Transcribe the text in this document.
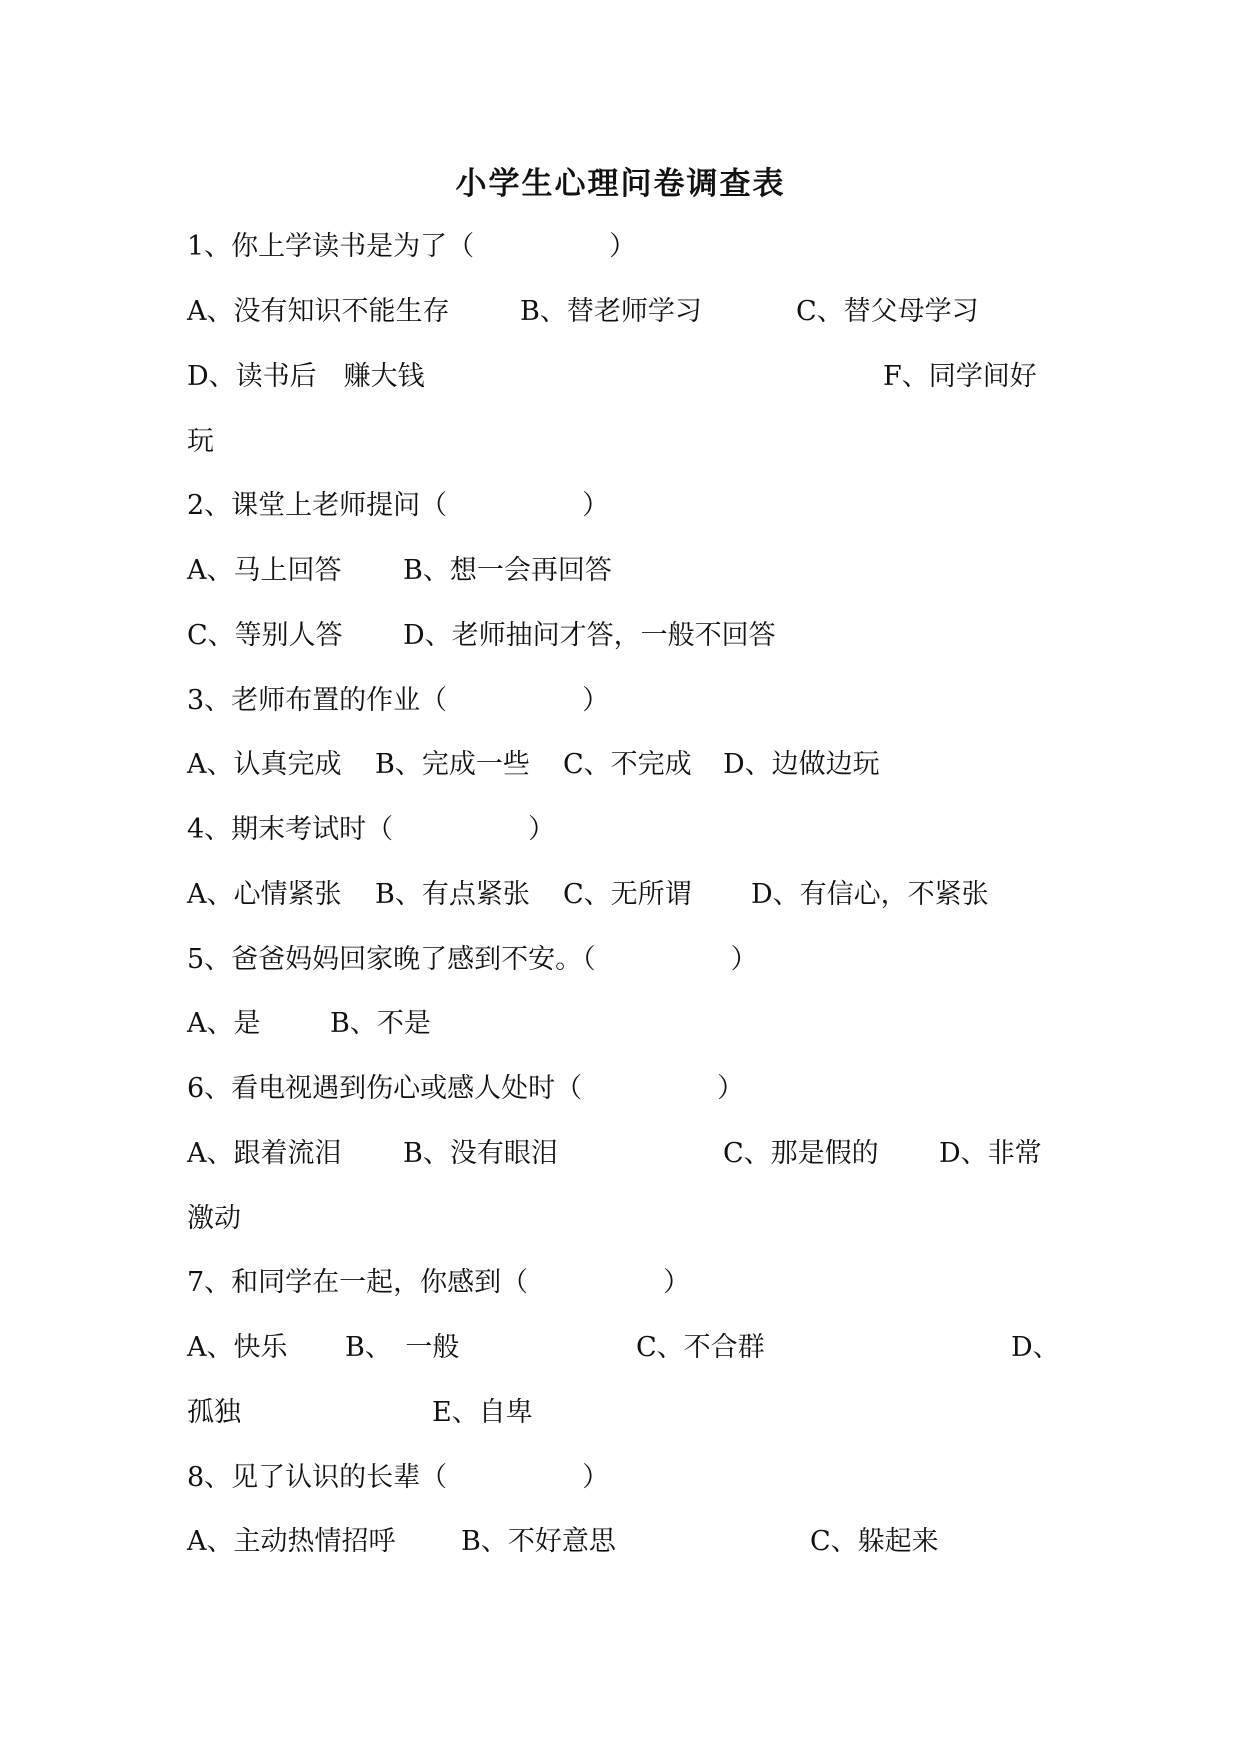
小学生心理问卷调查表
1、你上学读书是为了（　　　　　）
A、没有知识不能生存	B、替老师学习	C、替父母学习
D、读书后　赚大钱	F、同学间好
玩
2、课堂上老师提问（　　　　　）
A、马上回答 B、想一会再回答
C、等别人答 D、老师抽问才答，一般不回答
3、老师布置的作业（　　　　　）
A、认真完成 B、完成一些 C、不完成 D、边做边玩
4、期末考试时（　　　　　）
A、心情紧张 B、有点紧张 C、无所谓 D、有信心，不紧张
5、爸爸妈妈回家晚了感到不安。（　　　　　）
A、是	B、不是
6、看电视遇到伤心或感人处时（　　　　　）
A、跟着流泪 B、没有眼泪	C、那是假的 D、非常
激动
7、和同学在一起，你感到（　　　　　）
A、快乐 B、　一般	C、不合群	D、
孤独	E、自卑
8、见了认识的长辈（　　　　　）
A、主动热情招呼 B、不好意思	C、躲起来
